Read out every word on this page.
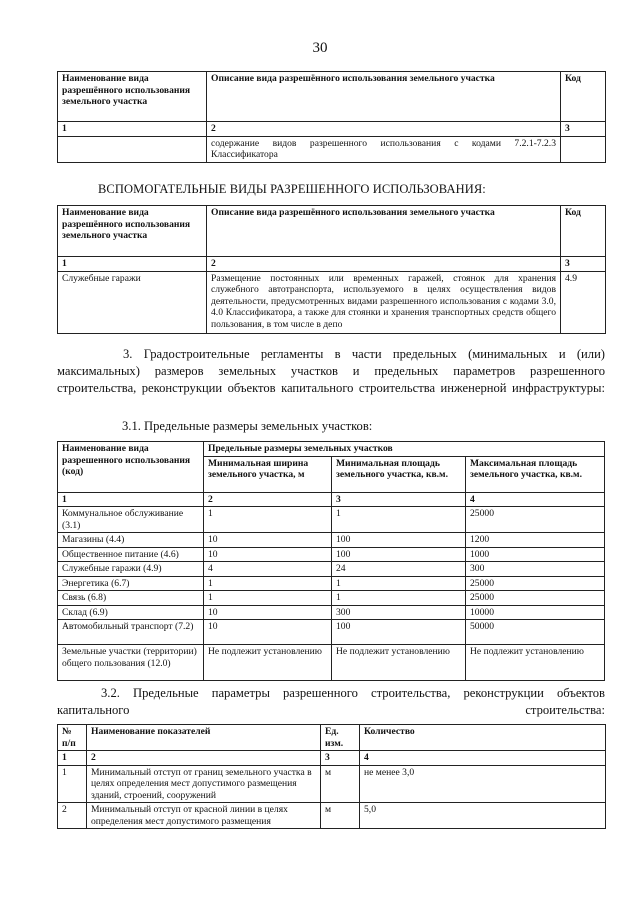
30
Наименование вида разрешённого использования земельного участка	Описание вида разрешённого использования земельного участка	Код
1	2	3
	содержание видов разрешенного использования с кодами 7.2.1-7.2.3 Классификатора	
ВСПОМОГАТЕЛЬНЫЕ ВИДЫ РАЗРЕШЕННОГО ИСПОЛЬЗОВАНИЯ:
Наименование вида разрешённого использования земельного участка	Описание вида разрешённого использования земельного участка	Код
1	2	3
Служебные гаражи	Размещение постоянных или временных гаражей, стоянок для хранения служебного автотранспорта, используемого в целях осуществления видов деятельности, предусмотренных видами разрешенного использования с кодами 3.0, 4.0 Классификатора, а также для стоянки и хранения транспортных средств общего пользования, в том числе в депо	4.9
3. Градостроительные регламенты в части предельных (минимальных и (или) максимальных) размеров земельных участков и предельных параметров разрешенного строительства, реконструкции объектов капитального строительства инженерной инфраструктуры:
3.1. Предельные размеры земельных участков:
Наименование вида разрешенного использования (код)	Предельные размеры земельных участков		
	Минимальная ширина земельного участка, м	Минимальная площадь земельного участка, кв.м.	Максимальная площадь земельного участка, кв.м.
1	2	3	4
Коммунальное обслуживание (3.1)	1	1	25000
Магазины (4.4)	10	100	1200
Общественное питание (4.6)	10	100	1000
Служебные гаражи (4.9)	4	24	300
Энергетика (6.7)	1	1	25000
Связь (6.8)	1	1	25000
Склад (6.9)	10	300	10000
Автомобильный транспорт (7.2)	10	100	50000
Земельные участки (территории) общего пользования (12.0)	Не подлежит установлению	Не подлежит установлению	Не подлежит установлению
3.2. Предельные параметры разрешенного строительства, реконструкции объектов капитального строительства:
№ п/п	Наименование показателей	Ед. изм.	Количество
1	2	3	4
1	Минимальный отступ от границ земельного участка в целях определения мест допустимого размещения зданий, строений, сооружений	м	не менее 3,0
2	Минимальный отступ от красной линии в целях определения мест допустимого размещения	м	5,0
